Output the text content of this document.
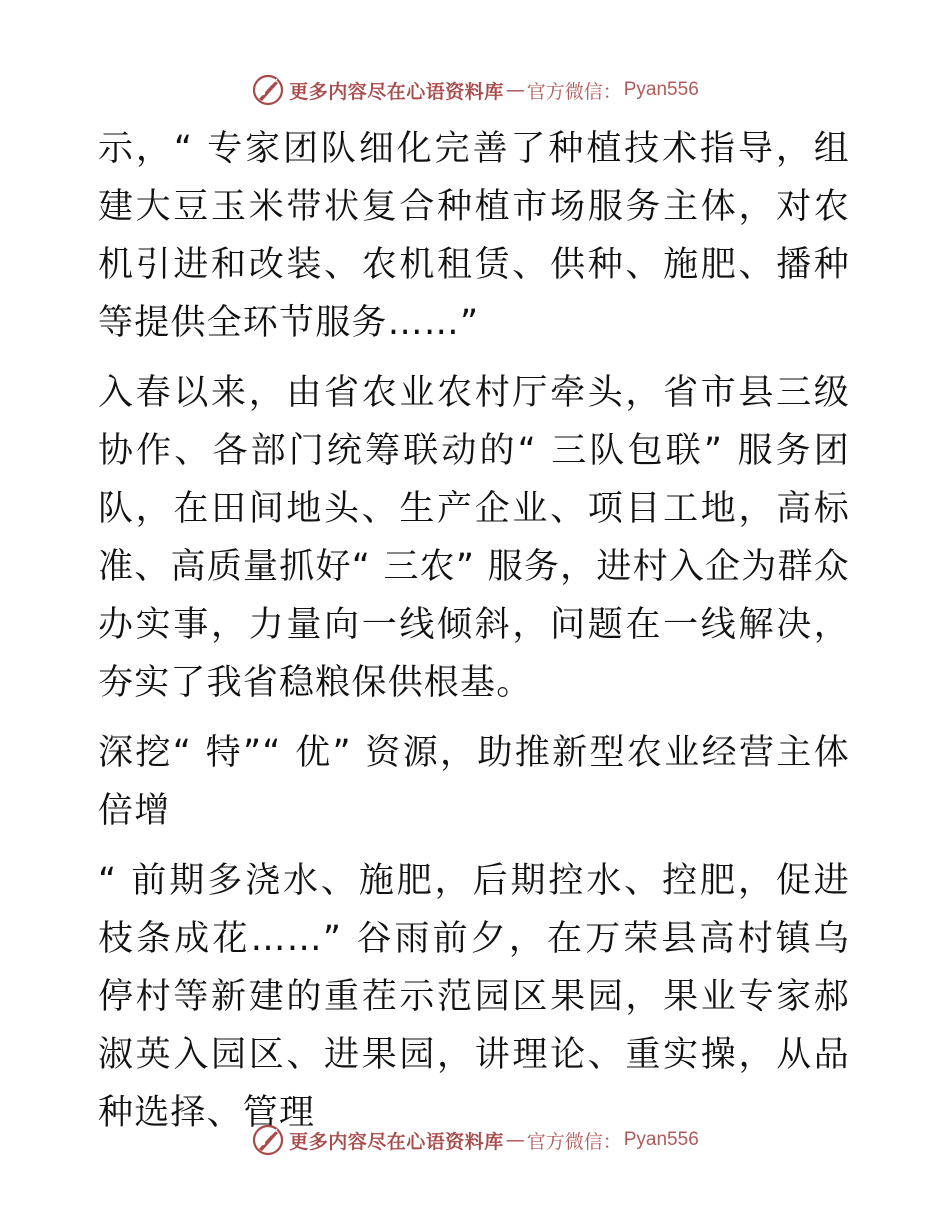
更多内容尽在心语资料库 — 官方微信： Pyan556

示，“ 专家团队细化完善了种植技术指导，组建大豆玉米带状复合种植市场服务主体，对农机引进和改装、农机租赁、供种、施肥、播种等提供全环节服务……”

入春以来，由省农业农村厅牵头，省市县三级协作、各部门统筹联动的“ 三队包联” 服务团队，在田间地头、生产企业、项目工地，高标准、高质量抓好“ 三农” 服务，进村入企为群众办实事，力量向一线倾斜，问题在一线解决，夯实了我省稳粮保供根基。

深挖“ 特”“ 优” 资源，助推新型农业经营主体倍增

“ 前期多浇水、施肥，后期控水、控肥，促进枝条成花……” 谷雨前夕，在万荣县高村镇乌停村等新建的重茬示范园区果园，果业专家郝淑英入园区、进果园，讲理论、重实操，从品种选择、管理

更多内容尽在心语资料库 — 官方微信： Pyan556
